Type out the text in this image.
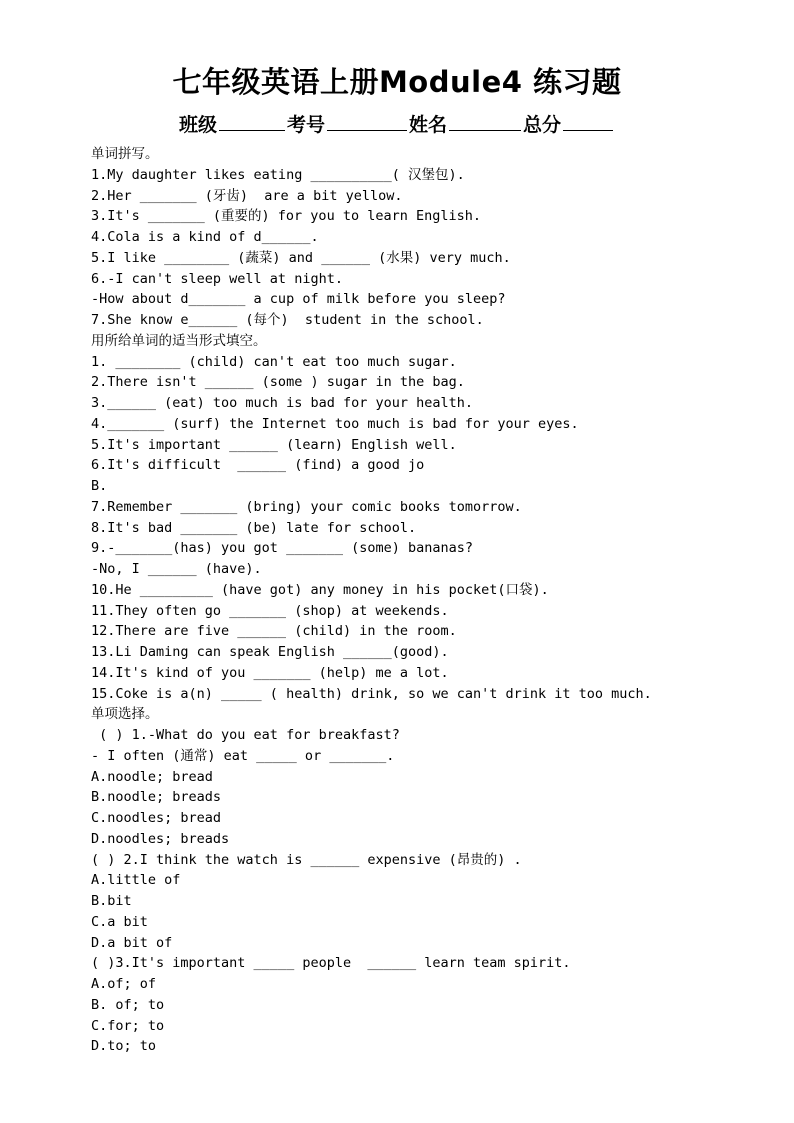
七年级英语上册Module4 练习题
班级	考号	姓名	总分
单词拼写。
1.My daughter likes eating __________( 汉堡包).
2.Her _______ (牙齿)  are a bit yellow.
3.It's _______ (重要的) for you to learn English.
4.Cola is a kind of d______.
5.I like ________ (蔬菜) and ______ (水果) very much.
6.-I can't sleep well at night.
-How about d_______ a cup of milk before you sleep?
7.She know e______ (每个)  student in the school.
用所给单词的适当形式填空。
1. ________ (child) can't eat too much sugar.
2.There isn't ______ (some ) sugar in the bag.
3.______ (eat) too much is bad for your health.
4._______ (surf) the Internet too much is bad for your eyes.
5.It's important ______ (learn) English well.
6.It's difficult  ______ (find) a good jo
B.
7.Remember _______ (bring) your comic books tomorrow.
8.It's bad _______ (be) late for school.
9.-_______(has) you got _______ (some) bananas?
-No, I ______ (have).
10.He _________ (have got) any money in his pocket(口袋).
11.They often go _______ (shop) at weekends.
12.There are five ______ (child) in the room.
13.Li Daming can speak English ______(good).
14.It's kind of you _______ (help) me a lot.
15.Coke is a(n) _____ ( health) drink, so we can't drink it too much.
单项选择。
( ) 1.-What do you eat for breakfast?
- I often (通常) eat _____ or _______.
A.noodle; bread
B.noodle; breads
C.noodles; bread
D.noodles; breads
( ) 2.I think the watch is ______ expensive (昂贵的) .
A.little of
B.bit
C.a bit
D.a bit of
( )3.It's important _____ people  ______ learn team spirit.
A.of; of
B. of; to
C.for; to
D.to; to
